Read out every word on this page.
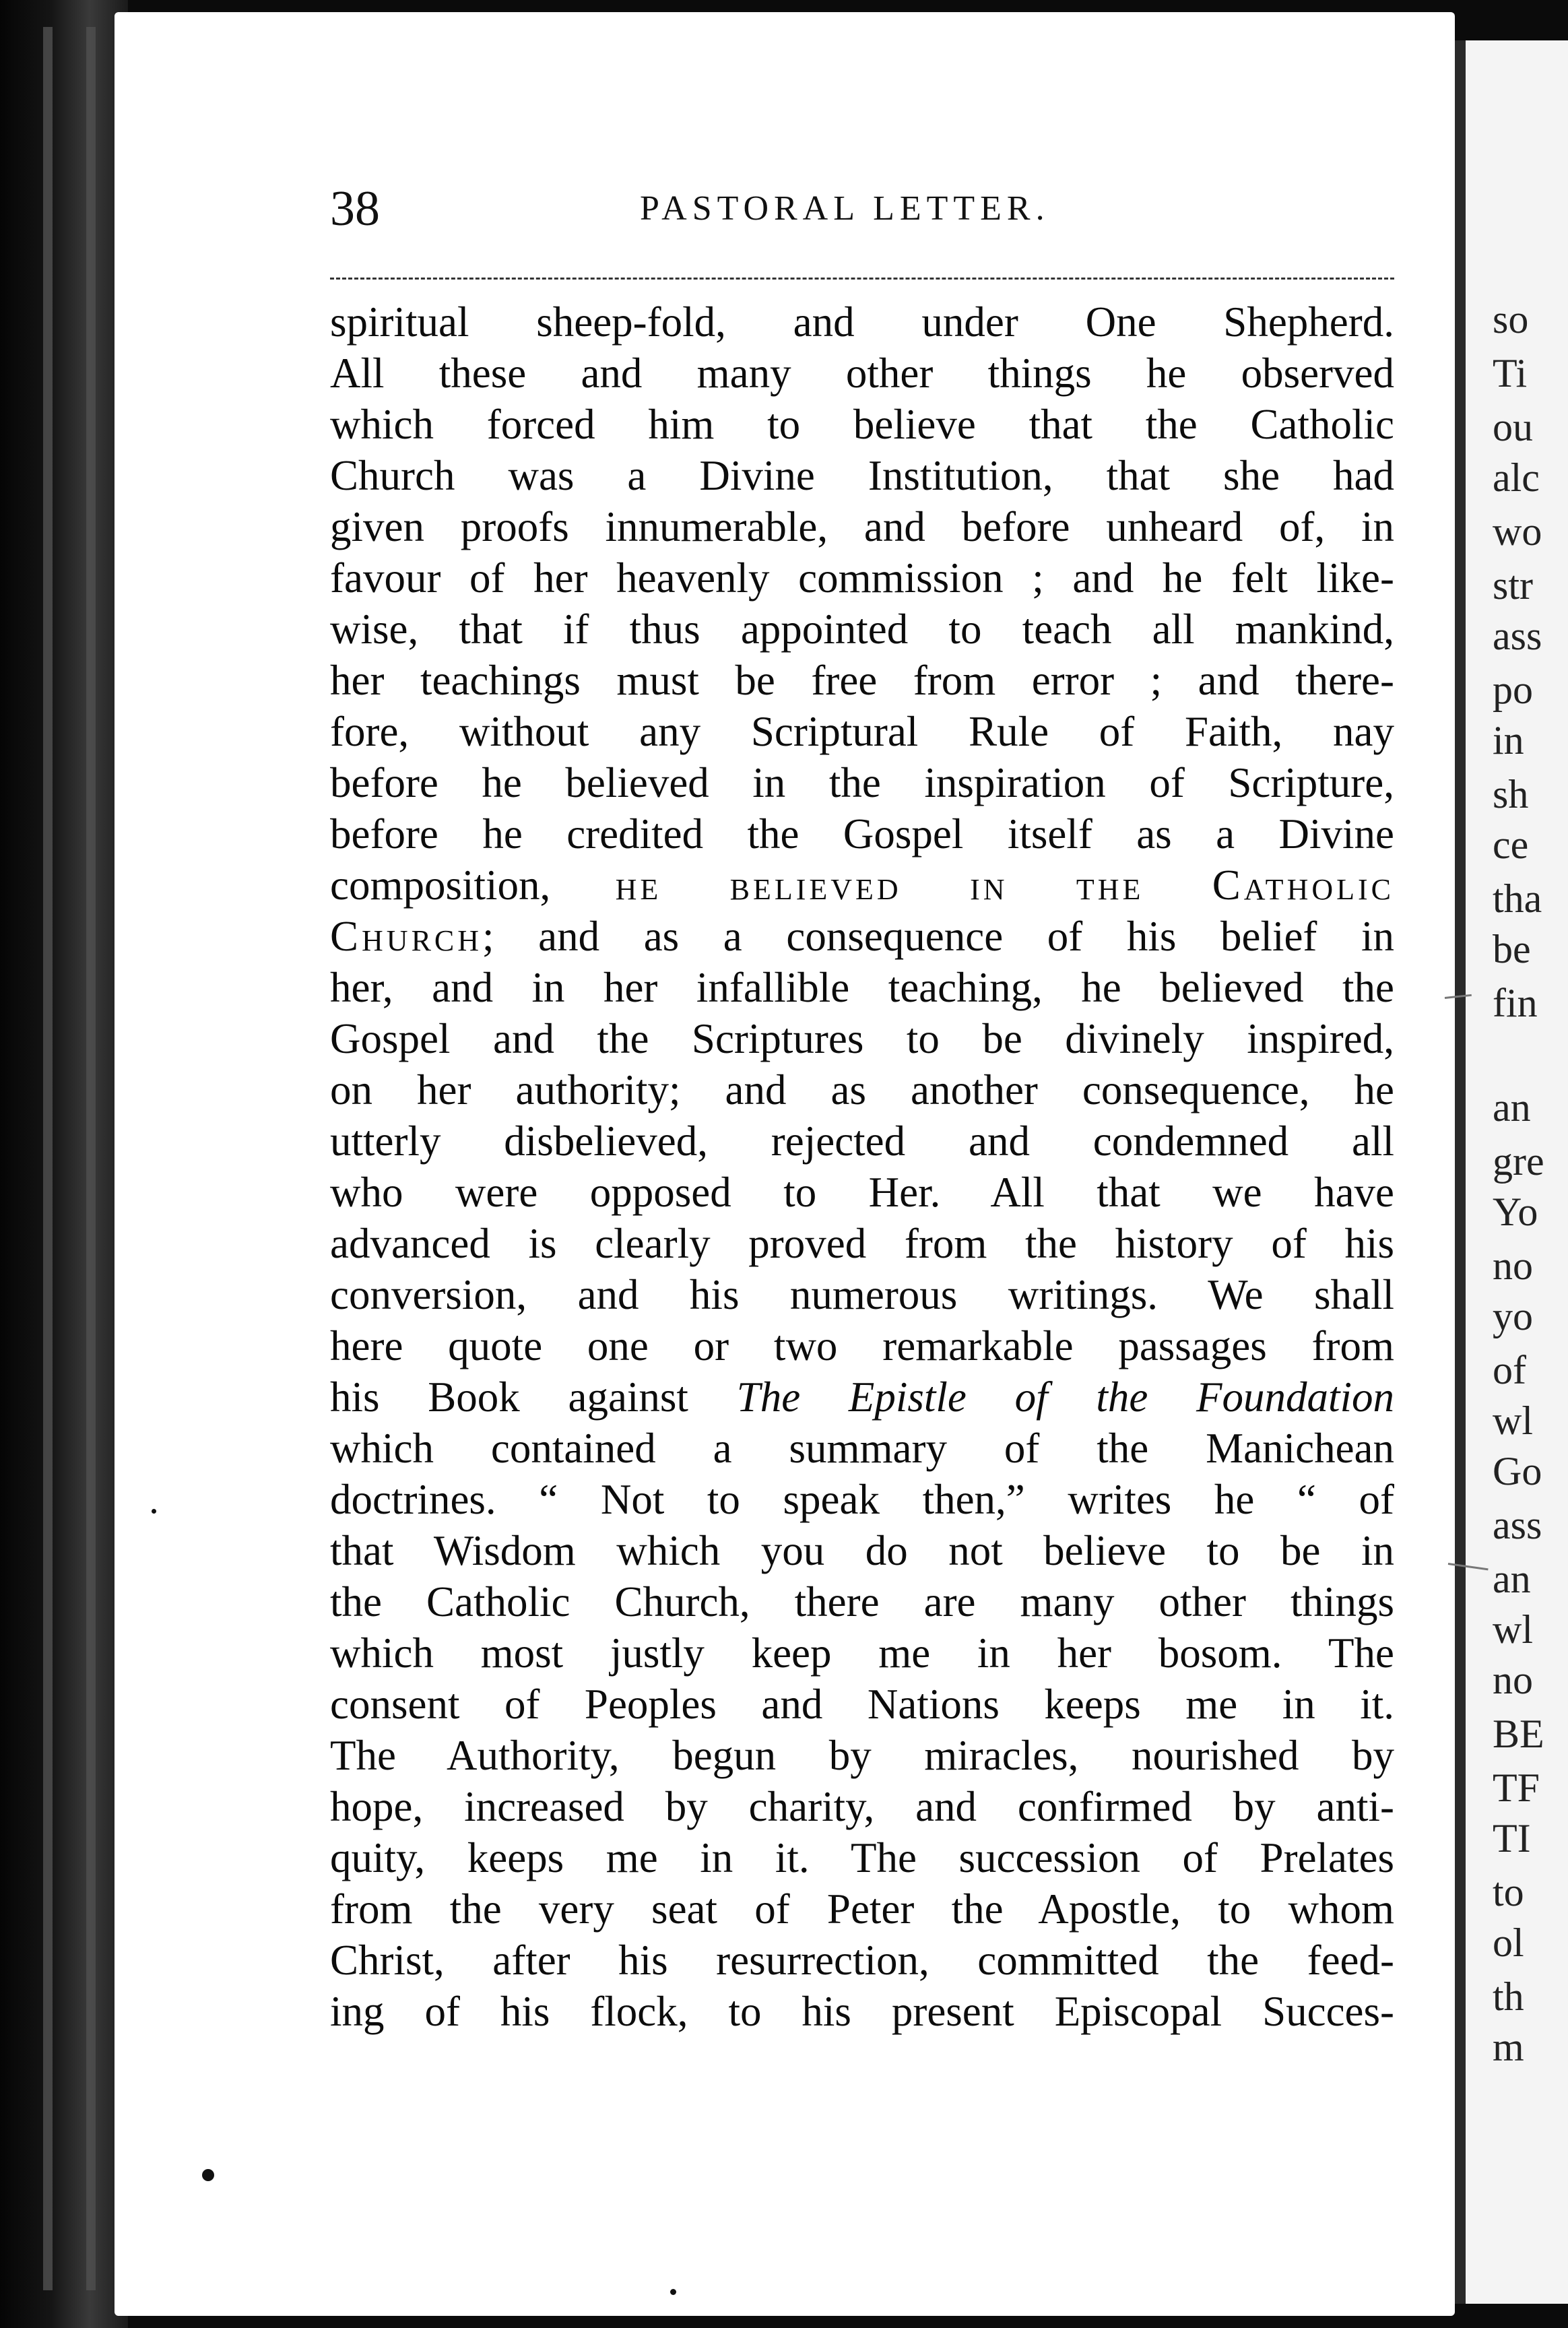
so
Ti
ou
alc
wo
str
ass
po
in
sh
ce
tha
be
fin
an
gre
Yo
no
yo
of
wl
Go
ass
an
wl
no
BE
TF
TI
to
ol
th
m
38	PASTORAL LETTER.
spiritual sheep-fold, and under One Shepherd.
All these and many other things he observed
which forced him to believe that the Catholic
Church was a Divine Institution, that she had
given proofs innumerable, and before unheard of, in
favour of her heavenly commission ; and he felt like-
wise, that if thus appointed to teach all mankind,
her teachings must be free from error ; and there-
fore, without any Scriptural Rule of Faith, nay
before he believed in the inspiration of Scripture,
before he credited the Gospel itself as a Divine
composition, he believed in the Catholic
Church; and as a consequence of his belief in
her, and in her infallible teaching, he believed the
Gospel and the Scriptures to be divinely inspired,
on her authority; and as another consequence, he
utterly disbelieved, rejected and condemned all
who were opposed to Her. All that we have
advanced is clearly proved from the history of his
conversion, and his numerous writings. We shall
here quote one or two remarkable passages from
his Book against The Epistle of the Foundation
which contained a summary of the Manichean
doctrines. “ Not to speak then,” writes he “ of
that Wisdom which you do not believe to be in
the Catholic Church, there are many other things
which most justly keep me in her bosom. The
consent of Peoples and Nations keeps me in it.
The Authority, begun by miracles, nourished by
hope, increased by charity, and confirmed by anti-
quity, keeps me in it. The succession of Prelates
from the very seat of Peter the Apostle, to whom
Christ, after his resurrection, committed the feed-
ing of his flock, to his present Episcopal Succes-
